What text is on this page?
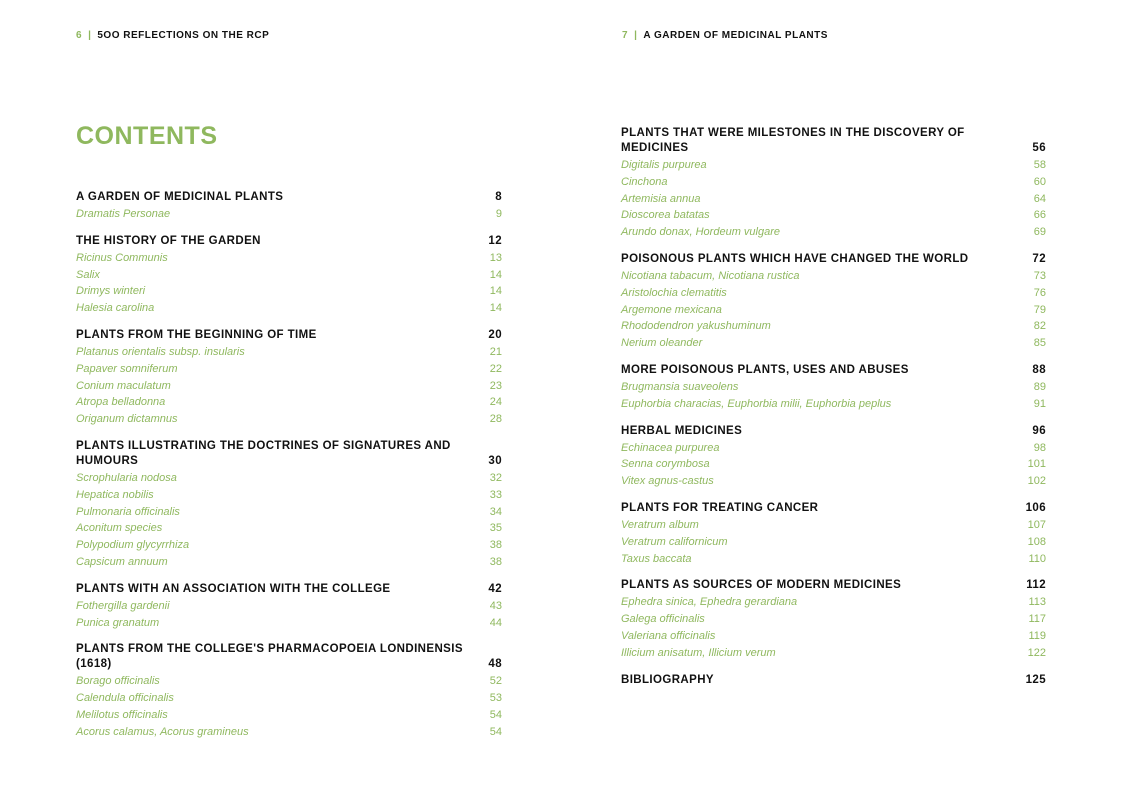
6 | 5OO REFLECTIONS ON THE RCP
CONTENTS
A GARDEN OF MEDICINAL PLANTS	8
Dramatis Personae	9
THE HISTORY OF THE GARDEN	12
Ricinus Communis	13
Salix	14
Drimys winteri	14
Halesia carolina	14
PLANTS FROM THE BEGINNING OF TIME	20
Platanus orientalis subsp. insularis	21
Papaver somniferum	22
Conium maculatum	23
Atropa belladonna	24
Origanum dictamnus	28
PLANTS ILLUSTRATING THE DOCTRINES OF SIGNATURES AND HUMOURS	30
Scrophularia nodosa	32
Hepatica nobilis	33
Pulmonaria officinalis	34
Aconitum species	35
Polypodium glycyrrhiza	38
Capsicum annuum	38
PLANTS WITH AN ASSOCIATION WITH THE COLLEGE	42
Fothergilla gardenii	43
Punica granatum	44
PLANTS FROM THE COLLEGE'S PHARMACOPOEIA LONDINENSIS (1618)	48
Borago officinalis	52
Calendula officinalis	53
Melilotus officinalis	54
Acorus calamus, Acorus gramineus	54
7 | A GARDEN OF MEDICINAL PLANTS
PLANTS THAT WERE MILESTONES IN THE DISCOVERY OF MEDICINES	56
Digitalis purpurea	58
Cinchona	60
Artemisia annua	64
Dioscorea batatas	66
Arundo donax, Hordeum vulgare	69
POISONOUS PLANTS WHICH HAVE CHANGED THE WORLD	72
Nicotiana tabacum, Nicotiana rustica	73
Aristolochia clematitis	76
Argemone mexicana	79
Rhododendron yakushuminum	82
Nerium oleander	85
MORE POISONOUS PLANTS, USES AND ABUSES	88
Brugmansia suaveolens	89
Euphorbia characias, Euphorbia milii, Euphorbia peplus	91
HERBAL MEDICINES	96
Echinacea purpurea	98
Senna corymbosa	101
Vitex agnus-castus	102
PLANTS FOR TREATING CANCER	106
Veratrum album	107
Veratrum californicum	108
Taxus baccata	110
PLANTS AS SOURCES OF MODERN MEDICINES	112
Ephedra sinica, Ephedra gerardiana	113
Galega officinalis	117
Valeriana officinalis	119
Illicium anisatum, Illicium verum	122
BIBLIOGRAPHY	125
